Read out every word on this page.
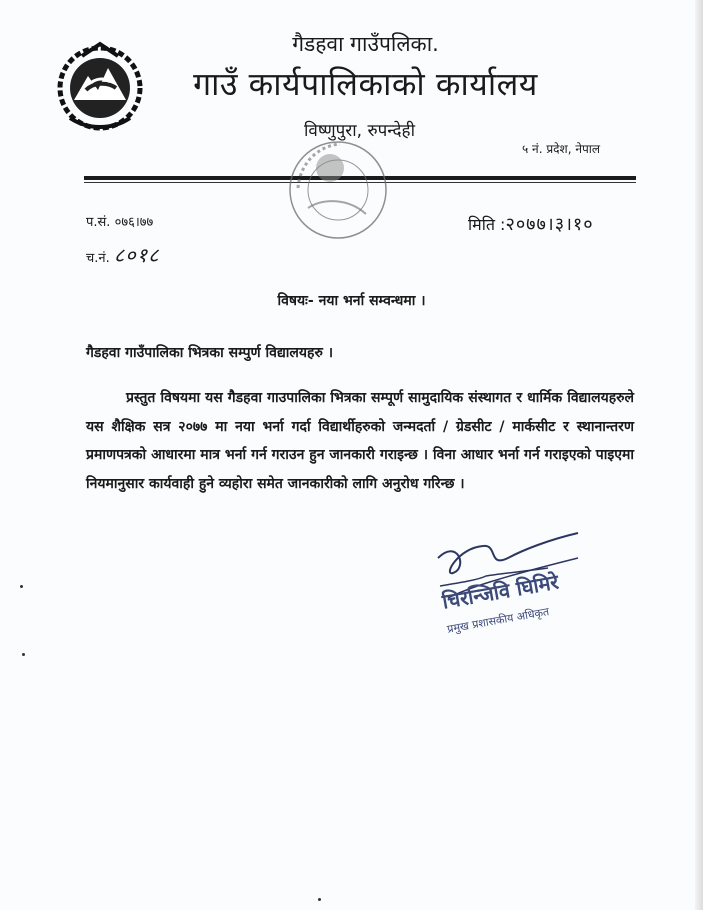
गैडहवा गाउँपलिका.
गाउँ कार्यपालिकाको कार्यालय
विष्णुपुरा, रुपन्देही
५ नं. प्रदेश, नेपाल
प.सं. ०७६।७७
च.नं. ८०१८
मिति :२०७७।३।१०
विषयः- नया भर्ना सम्वन्धमा ।
गैडहवा गाउँपालिका भित्रका सम्पुर्ण विद्यालयहरु ।
प्रस्तुत विषयमा यस गैडहवा गाउपालिका भित्रका सम्पूर्ण सामुदायिक संस्थागत र धार्मिक विद्यालयहरुले यस शैक्षिक सत्र २०७७ मा नया भर्ना गर्दा विद्यार्थीहरुको जन्मदर्ता / ग्रेडसीट / मार्कसीट र स्थानान्तरण प्रमाणपत्रको आधारमा मात्र भर्ना गर्न गराउन हुन जानकारी गराइन्छ । विना आधार भर्ना गर्न गराइएको पाइएमा नियमानुसार कार्यवाही हुने व्यहोरा समेत जानकारीको लागि अनुरोध गरिन्छ ।
चिरन्जिवि घिमिरे
प्रमुख प्रशासकीय अधिकृत
